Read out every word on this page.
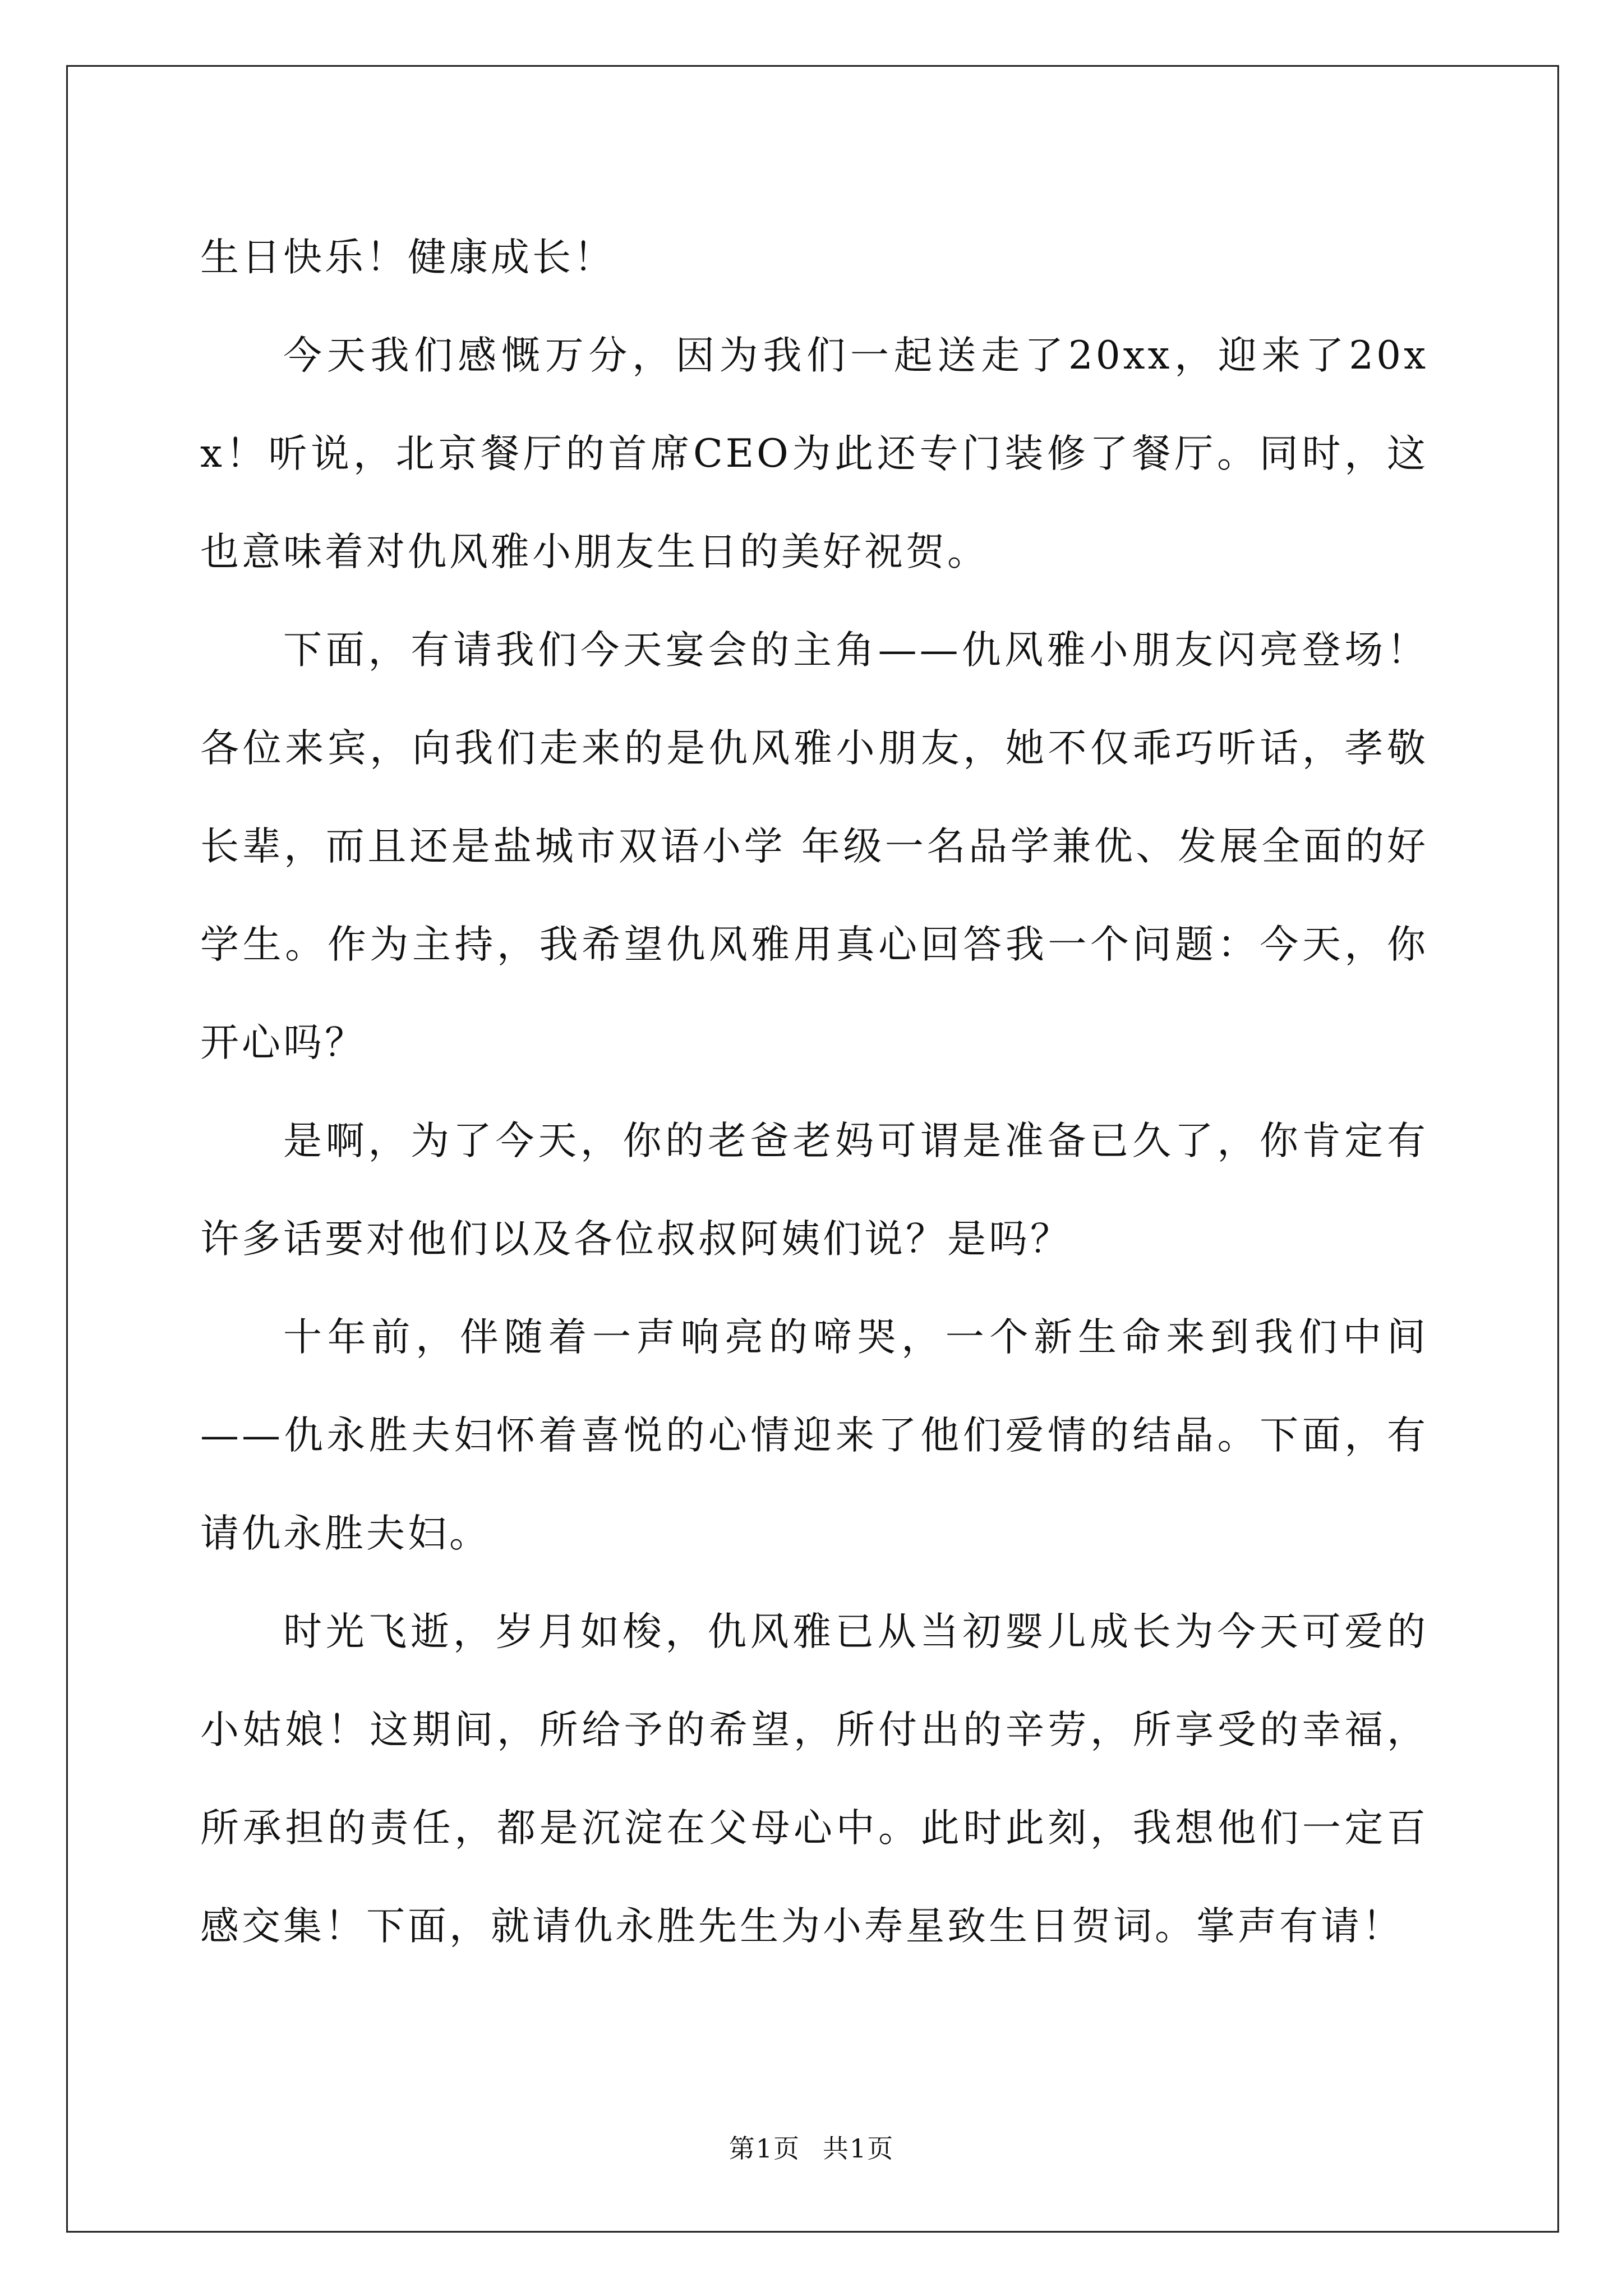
生日快乐！健康成长！

今天我们感慨万分，因为我们一起送走了20xx，迎来了20xx！听说，北京餐厅的首席CEO为此还专门装修了餐厅。同时，这也意味着对仇风雅小朋友生日的美好祝贺。

下面，有请我们今天宴会的主角——仇风雅小朋友闪亮登场！各位来宾，向我们走来的是仇风雅小朋友，她不仅乖巧听话，孝敬长辈，而且还是盐城市双语小学 年级一名品学兼优、发展全面的好学生。作为主持，我希望仇风雅用真心回答我一个问题：今天，你开心吗？

是啊，为了今天，你的老爸老妈可谓是准备已久了，你肯定有许多话要对他们以及各位叔叔阿姨们说？是吗？

十年前，伴随着一声响亮的啼哭，一个新生命来到我们中间——仇永胜夫妇怀着喜悦的心情迎来了他们爱情的结晶。下面，有请仇永胜夫妇。

时光飞逝，岁月如梭，仇风雅已从当初婴儿成长为今天可爱的小姑娘！这期间，所给予的希望，所付出的辛劳，所享受的幸福，所承担的责任，都是沉淀在父母心中。此时此刻，我想他们一定百感交集！下面，就请仇永胜先生为小寿星致生日贺词。掌声有请！

第1页 共1页
